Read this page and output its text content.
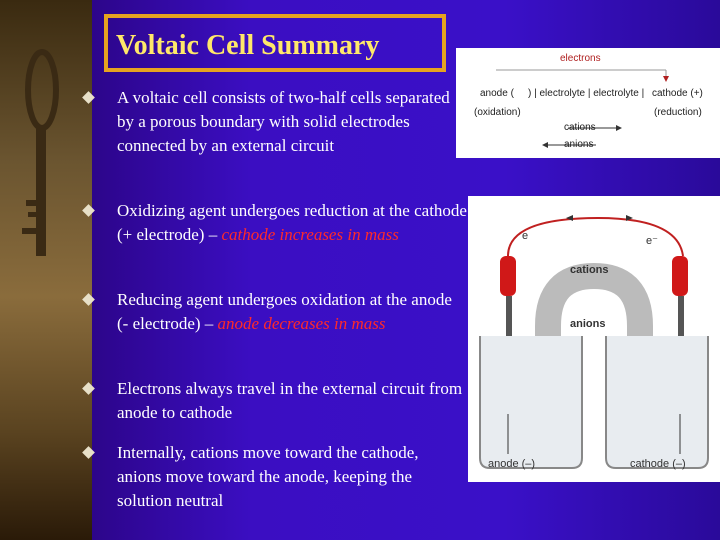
Voltaic Cell Summary
A voltaic cell consists of two-half cells separated by a porous boundary with solid electrodes connected by an external circuit
Oxidizing agent undergoes reduction at the cathode (+ electrode) – cathode increases in mass
Reducing agent undergoes oxidation at the anode (- electrode) – anode decreases in mass
Electrons always travel in the external circuit from anode to cathode
Internally, cations move toward the cathode, anions move toward the anode, keeping the solution neutral
electrons
anode ( ) | electrolyte | electrolyte | cathode (+)
(oxidation)	(reduction)
cations
anions
e	e⁻
cations
anions
anode (–)	cathode (–)
